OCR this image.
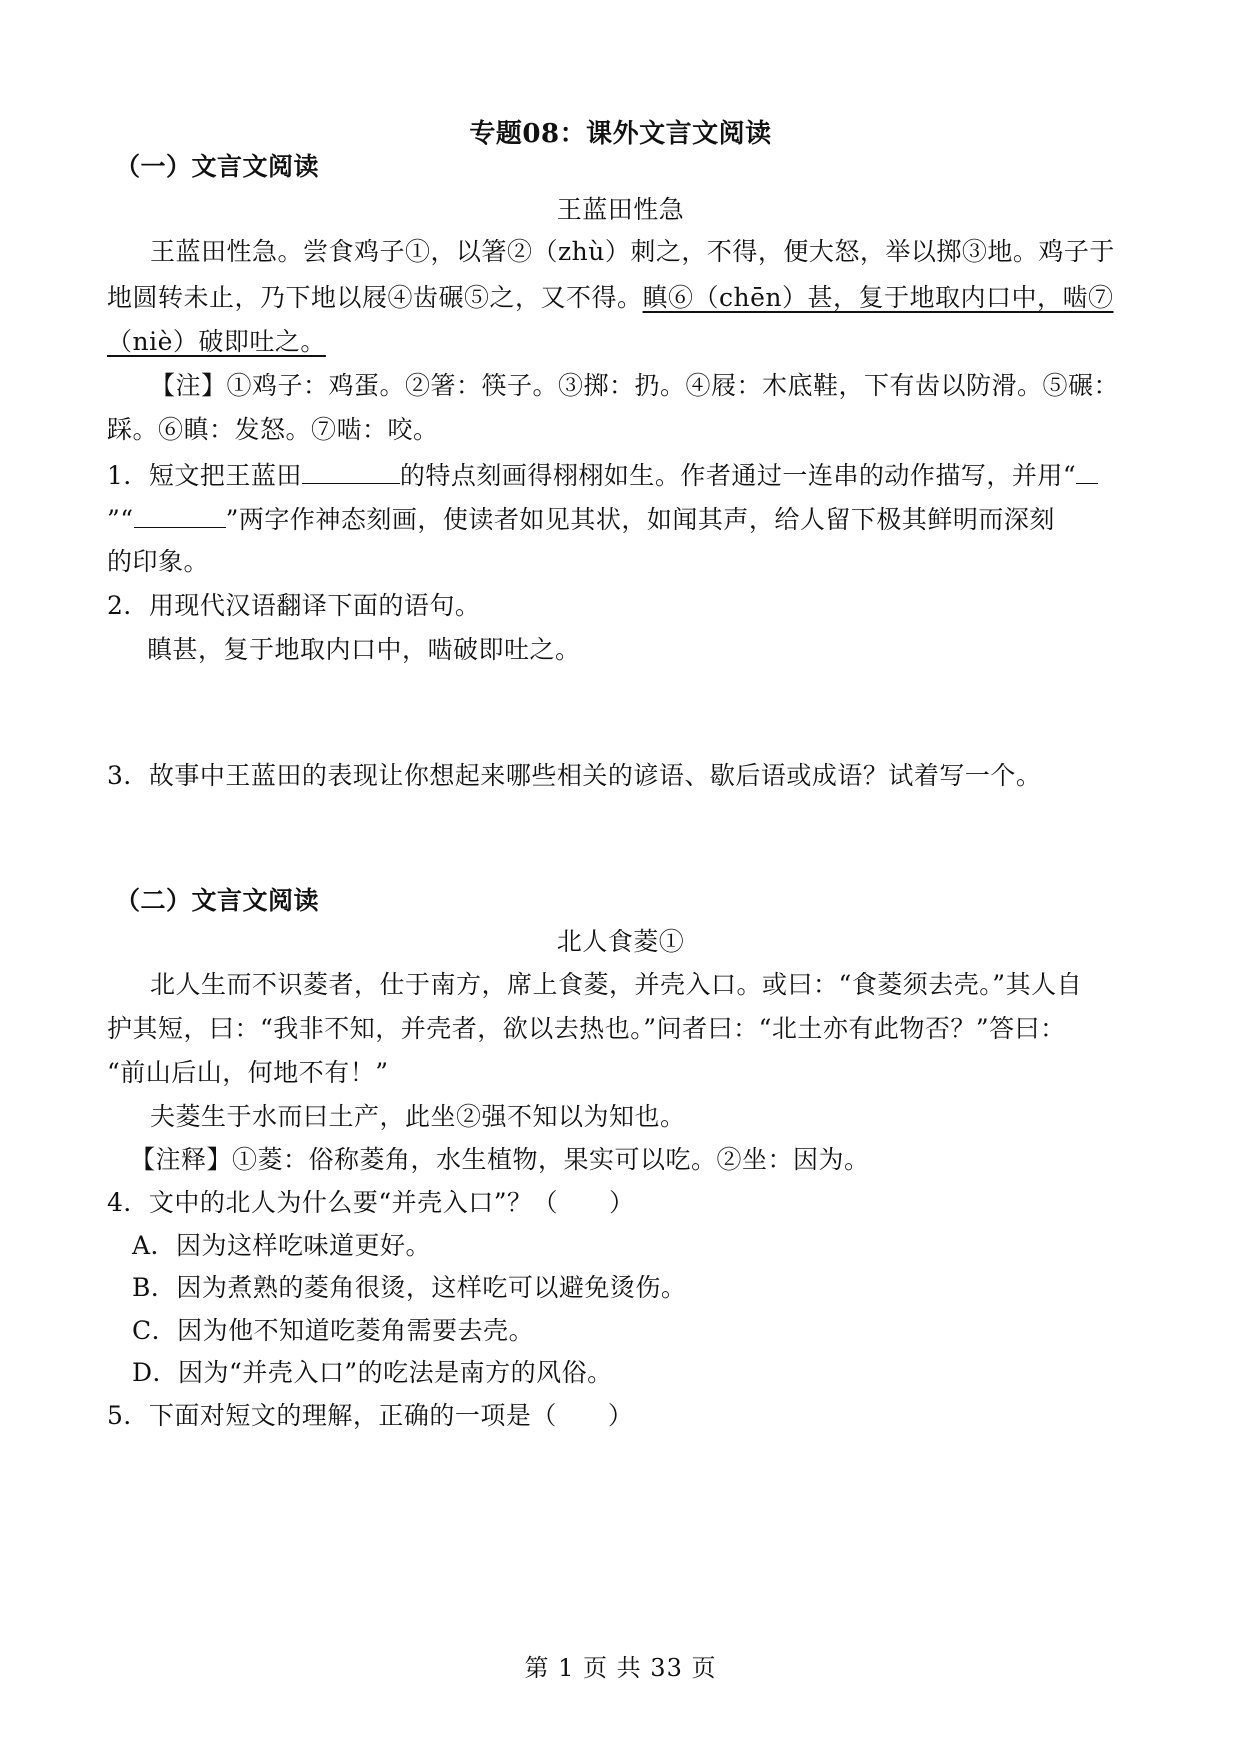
专题08：课外文言文阅读
（一）文言文阅读
王蓝田性急
王蓝田性急。尝食鸡子①，以箸②（zhù）刺之，不得，便大怒，举以掷③地。鸡子于
地圆转未止，乃下地以屐④齿碾⑤之，又不得。瞋⑥（chēn）甚，复于地取内口中，啮⑦
（niè）破即吐之。
【注】①鸡子：鸡蛋。②箸：筷子。③掷：扔。④屐：木底鞋，下有齿以防滑。⑤碾：
踩。⑥瞋：发怒。⑦啮：咬。
1．短文把王蓝田	的特点刻画得栩栩如生。作者通过一连串的动作描写，并用“
”“	”两字作神态刻画，使读者如见其状，如闻其声，给人留下极其鲜明而深刻
的印象。
2．用现代汉语翻译下面的语句。
瞋甚，复于地取内口中，啮破即吐之。
3．故事中王蓝田的表现让你想起来哪些相关的谚语、歇后语或成语？试着写一个。
（二）文言文阅读
北人食菱①
北人生而不识菱者，仕于南方，席上食菱，并壳入口。或曰：“食菱须去壳。”其人自
护其短，曰：“我非不知，并壳者，欲以去热也。”问者曰：“北土亦有此物否？”答曰：
“前山后山，何地不有！”
夫菱生于水而曰土产，此坐②强不知以为知也。
【注释】①菱：俗称菱角，水生植物，果实可以吃。②坐：因为。
4．文中的北人为什么要“并壳入口”？（　　）
A．因为这样吃味道更好。
B．因为煮熟的菱角很烫，这样吃可以避免烫伤。
C．因为他不知道吃菱角需要去壳。
D．因为“并壳入口”的吃法是南方的风俗。
5．下面对短文的理解，正确的一项是（　　）
第 1 页 共 33 页
